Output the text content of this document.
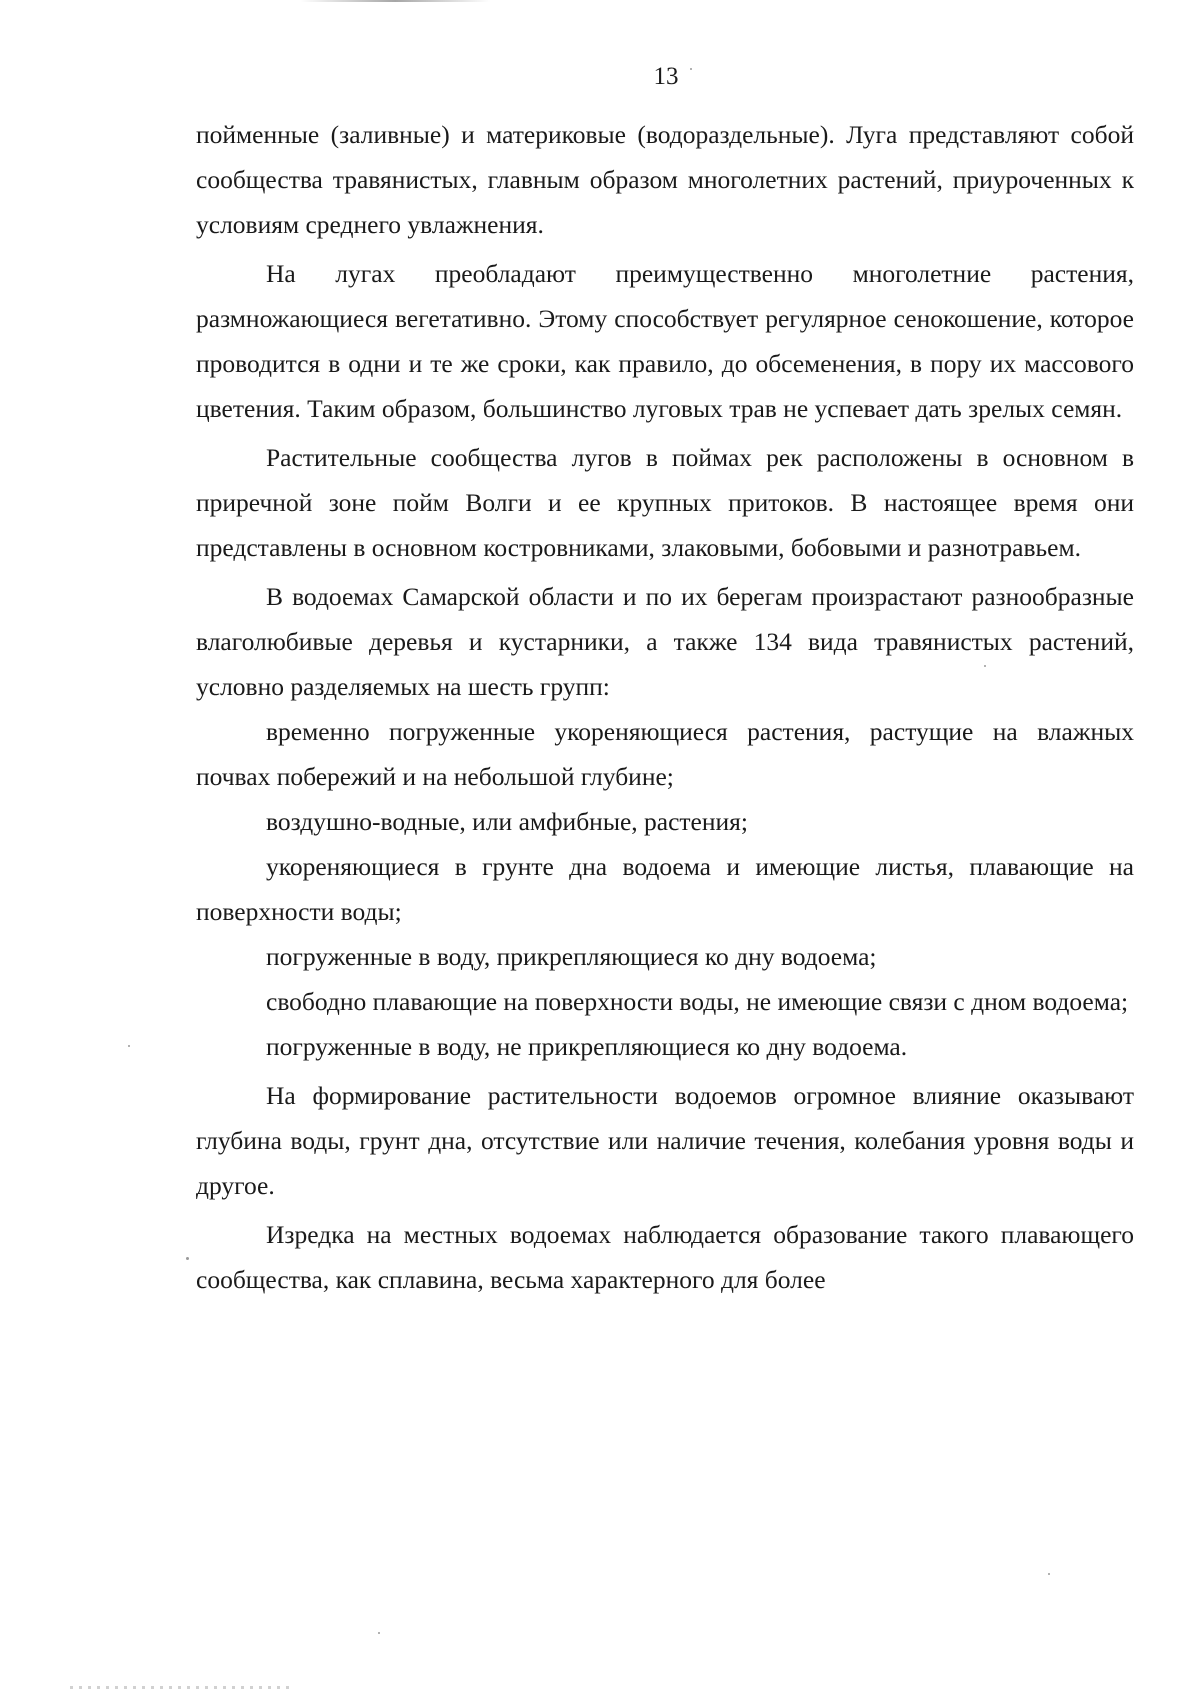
13

пойменные (заливные) и материковые (водораздельные). Луга представляют собой сообщества травянистых, главным образом многолетних растений, приуроченных к условиям среднего увлажнения.

На лугах преобладают преимущественно многолетние растения, размножающиеся вегетативно. Этому способствует регулярное сенокошение, которое проводится в одни и те же сроки, как правило, до обсеменения, в пору их массового цветения. Таким образом, большинство луговых трав не успевает дать зрелых семян.

Растительные сообщества лугов в поймах рек расположены в основном в приречной зоне пойм Волги и ее крупных притоков. В настоящее время они представлены в основном костровниками, злаковыми, бобовыми и разнотравьем.

В водоемах Самарской области и по их берегам произрастают разнообразные влаголюбивые деревья и кустарники, а также 134 вида травянистых растений, условно разделяемых на шесть групп:

временно погруженные укореняющиеся растения, растущие на влажных почвах побережий и на небольшой глубине;

воздушно-водные, или амфибные, растения;

укореняющиеся в грунте дна водоема и имеющие листья, плавающие на поверхности воды;

погруженные в воду, прикрепляющиеся ко дну водоема;

свободно плавающие на поверхности воды, не имеющие связи с дном водоема;

погруженные в воду, не прикрепляющиеся ко дну водоема.

На формирование растительности водоемов огромное влияние оказывают глубина воды, грунт дна, отсутствие или наличие течения, колебания уровня воды и другое.

Изредка на местных водоемах наблюдается образование такого плавающего сообщества, как сплавина, весьма характерного для более
